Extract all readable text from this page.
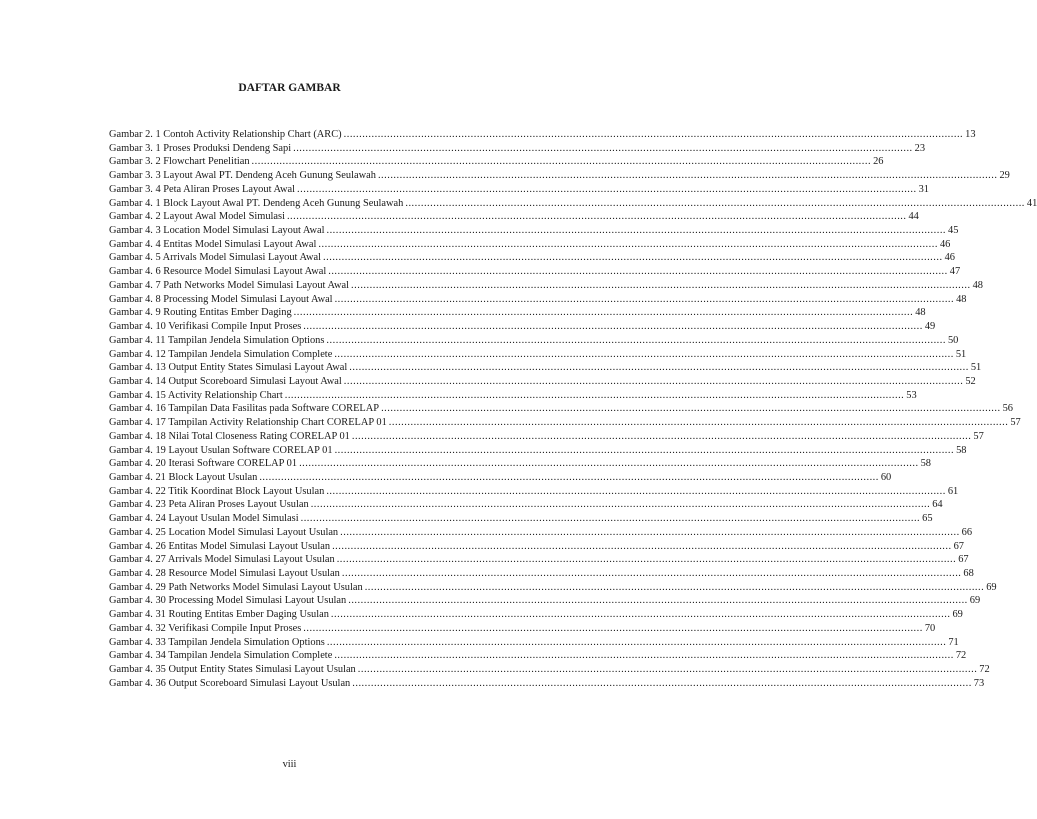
DAFTAR GAMBAR
Gambar 2. 1 Contoh Activity Relationship Chart (ARC) ........................................................................................................................................................................................................ 13
Gambar 3. 1 Proses Produksi Dendeng Sapi ........................................................................................................................................................................................................ 23
Gambar 3. 2 Flowchart Penelitian ........................................................................................................................................................................................................ 26
Gambar 3. 3 Layout Awal PT. Dendeng Aceh Gunung Seulawah ........................................................................................................................................................................................................ 29
Gambar 3. 4 Peta Aliran Proses Layout Awal ........................................................................................................................................................................................................ 31
Gambar 4. 1 Block Layout Awal PT. Dendeng Aceh Gunung Seulawah ........................................................................................................................................................................................................ 41
Gambar 4. 2 Layout Awal Model Simulasi ........................................................................................................................................................................................................ 44
Gambar 4. 3 Location Model Simulasi Layout Awal ........................................................................................................................................................................................................ 45
Gambar 4. 4 Entitas Model Simulasi Layout Awal ........................................................................................................................................................................................................ 46
Gambar 4. 5 Arrivals Model Simulasi Layout Awal ........................................................................................................................................................................................................ 46
Gambar 4. 6 Resource Model Simulasi Layout Awal ........................................................................................................................................................................................................ 47
Gambar 4. 7 Path Networks Model Simulasi Layout Awal ........................................................................................................................................................................................................ 48
Gambar 4. 8 Processing Model Simulasi Layout Awal ........................................................................................................................................................................................................ 48
Gambar 4. 9 Routing Entitas Ember Daging ........................................................................................................................................................................................................ 48
Gambar 4. 10 Verifikasi Compile Input Proses ........................................................................................................................................................................................................ 49
Gambar 4. 11 Tampilan Jendela Simulation Options ........................................................................................................................................................................................................ 50
Gambar 4. 12 Tampilan Jendela Simulation Complete ........................................................................................................................................................................................................ 51
Gambar 4. 13 Output Entity States Simulasi Layout Awal ........................................................................................................................................................................................................ 51
Gambar 4. 14 Output Scoreboard Simulasi Layout Awal ........................................................................................................................................................................................................ 52
Gambar 4. 15 Activity Relationship Chart ........................................................................................................................................................................................................ 53
Gambar 4. 16 Tampilan Data Fasilitas pada Software CORELAP ........................................................................................................................................................................................................ 56
Gambar 4. 17 Tampilan Activity Relationship Chart CORELAP 01 ........................................................................................................................................................................................................ 57
Gambar 4. 18 Nilai Total Closeness Rating CORELAP 01 ........................................................................................................................................................................................................ 57
Gambar 4. 19 Layout Usulan Software CORELAP 01 ........................................................................................................................................................................................................ 58
Gambar 4. 20 Iterasi Software CORELAP 01 ........................................................................................................................................................................................................ 58
Gambar 4. 21 Block Layout Usulan ........................................................................................................................................................................................................ 60
Gambar 4. 22 Titik Koordinat Block Layout Usulan ........................................................................................................................................................................................................ 61
Gambar 4. 23 Peta Aliran Proses Layout Usulan ........................................................................................................................................................................................................ 64
Gambar 4. 24 Layout Usulan Model Simulasi ........................................................................................................................................................................................................ 65
Gambar 4. 25 Location Model Simulasi Layout Usulan ........................................................................................................................................................................................................ 66
Gambar 4. 26 Entitas Model Simulasi Layout Usulan ........................................................................................................................................................................................................ 67
Gambar 4. 27 Arrivals Model Simulasi Layout Usulan ........................................................................................................................................................................................................ 67
Gambar 4. 28 Resource Model Simulasi Layout Usulan ........................................................................................................................................................................................................ 68
Gambar 4. 29 Path Networks Model Simulasi Layout Usulan ........................................................................................................................................................................................................ 69
Gambar 4. 30 Processing Model Simulasi Layout Usulan ........................................................................................................................................................................................................ 69
Gambar 4. 31 Routing Entitas Ember Daging Usulan ........................................................................................................................................................................................................ 69
Gambar 4. 32 Verifikasi Compile Input Proses ........................................................................................................................................................................................................ 70
Gambar 4. 33 Tampilan Jendela Simulation Options ........................................................................................................................................................................................................ 71
Gambar 4. 34 Tampilan Jendela Simulation Complete ........................................................................................................................................................................................................ 72
Gambar 4. 35 Output Entity States Simulasi Layout Usulan ........................................................................................................................................................................................................ 72
Gambar 4. 36 Output Scoreboard Simulasi Layout Usulan ........................................................................................................................................................................................................ 73
viii
